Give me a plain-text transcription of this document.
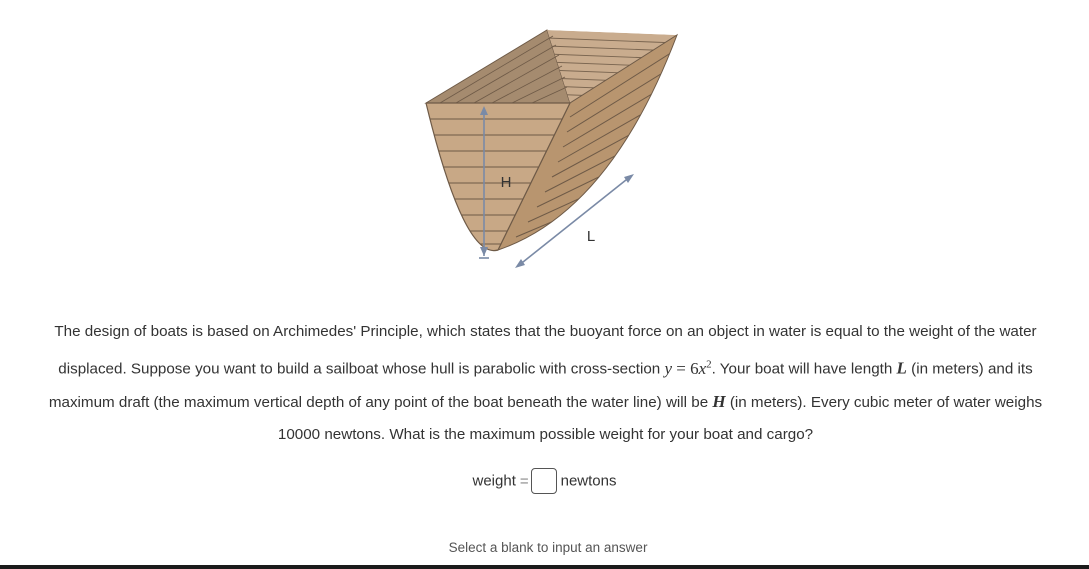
H
L
The design of boats is based on Archimedes' Principle, which states that the buoyant force on an object in water is equal to the weight of the water
displaced. Suppose you want to build a sailboat whose hull is parabolic with cross-section $y = 6x^2$. Your boat will have length L (in meters) and its
maximum draft (the maximum vertical depth of any point of the boat beneath the water line) will be H (in meters). Every cubic meter of water weighs
10000 newtons. What is the maximum possible weight for your boat and cargo?
weight = newtons
Select a blank to input an answer
